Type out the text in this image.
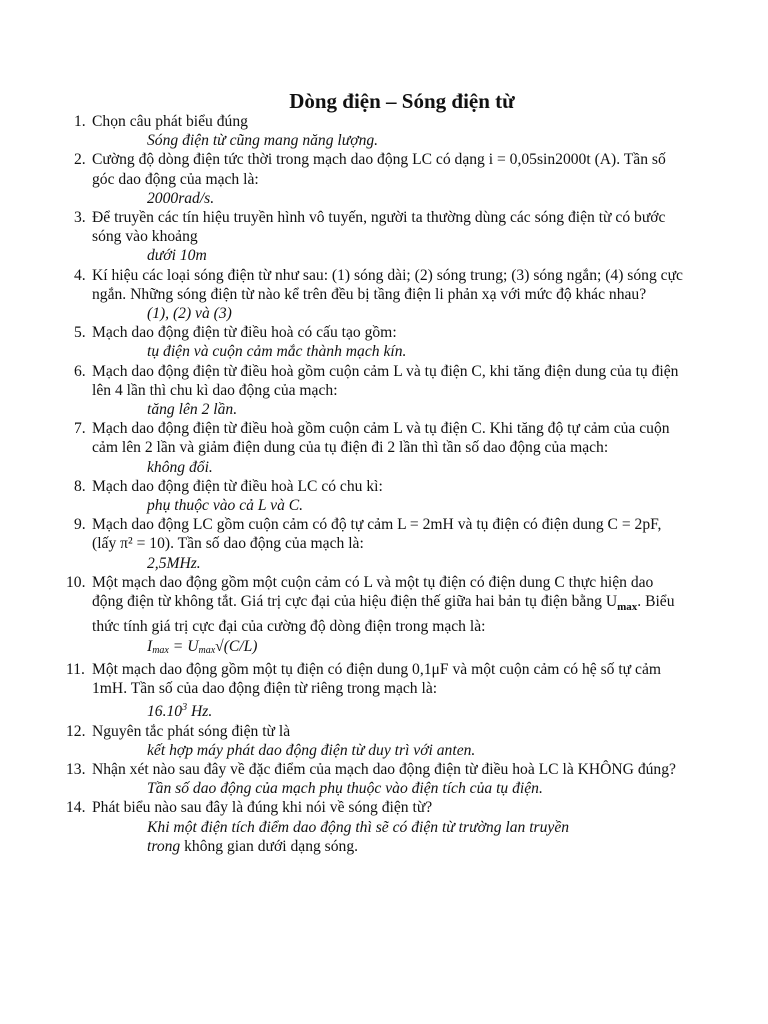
Dòng điện – Sóng điện từ
1. Chọn câu phát biểu đúng
Sóng điện từ cũng mang năng lượng.
2. Cường độ dòng điện tức thời trong mạch dao động LC có dạng i = 0,05sin2000t (A). Tần số góc dao động của mạch là:
2000rad/s.
3. Để truyền các tín hiệu truyền hình vô tuyến, người ta thường dùng các sóng điện từ có bước sóng vào khoảng
dưới 10m
4. Kí hiệu các loại sóng điện từ như sau: (1) sóng dài; (2) sóng trung; (3) sóng ngắn; (4) sóng cực ngắn. Những sóng điện từ nào kể trên đều bị tầng điện li phản xạ với mức độ khác nhau?
(1), (2) và (3)
5. Mạch dao động điện từ điều hoà có cấu tạo gồm:
tụ điện và cuộn cảm mắc thành mạch kín.
6. Mạch dao động điện từ điều hoà gồm cuộn cảm L và tụ điện C, khi tăng điện dung của tụ điện lên 4 lần thì chu kì dao động của mạch:
tăng lên 2 lần.
7. Mạch dao động điện từ điều hoà gồm cuộn cảm L và tụ điện C. Khi tăng độ tự cảm của cuộn cảm lên 2 lần và giảm điện dung của tụ điện đi 2 lần thì tần số dao động của mạch:
không đổi.
8. Mạch dao động điện từ điều hoà LC có chu kì:
phụ thuộc vào cả L và C.
9. Mạch dao động LC gồm cuộn cảm có độ tự cảm L = 2mH và tụ điện có điện dung C = 2pF, (lấy π² = 10). Tần số dao động của mạch là:
2,5MHz.
10. Một mạch dao động gồm một cuộn cảm có L và một tụ điện có điện dung C thực hiện dao động điện từ không tắt. Giá trị cực đại của hiệu điện thế giữa hai bản tụ điện bằng $U_{max}$. Biểu thức tính giá trị cực đại của cường độ dòng điện trong mạch là:
$I_{max} = U_{max}√(C/L)$
11. Một mạch dao động gồm một tụ điện có điện dung 0,1μF và một cuộn cảm có hệ số tự cảm 1mH. Tần số của dao động điện từ riêng trong mạch là:
16.10$^3$ Hz.
12. Nguyên tắc phát sóng điện từ là
kết hợp máy phát dao động điện từ duy trì với anten.
13. Nhận xét nào sau đây về đặc điểm của mạch dao động điện từ điều hoà LC là KHÔNG đúng?
Tần số dao động của mạch phụ thuộc vào điện tích của tụ điện.
14. Phát biểu nào sau đây là đúng khi nói về sóng điện từ?
Khi một điện tích điểm dao động thì sẽ có điện từ trường lan truyền
trong không gian dưới dạng sóng.
